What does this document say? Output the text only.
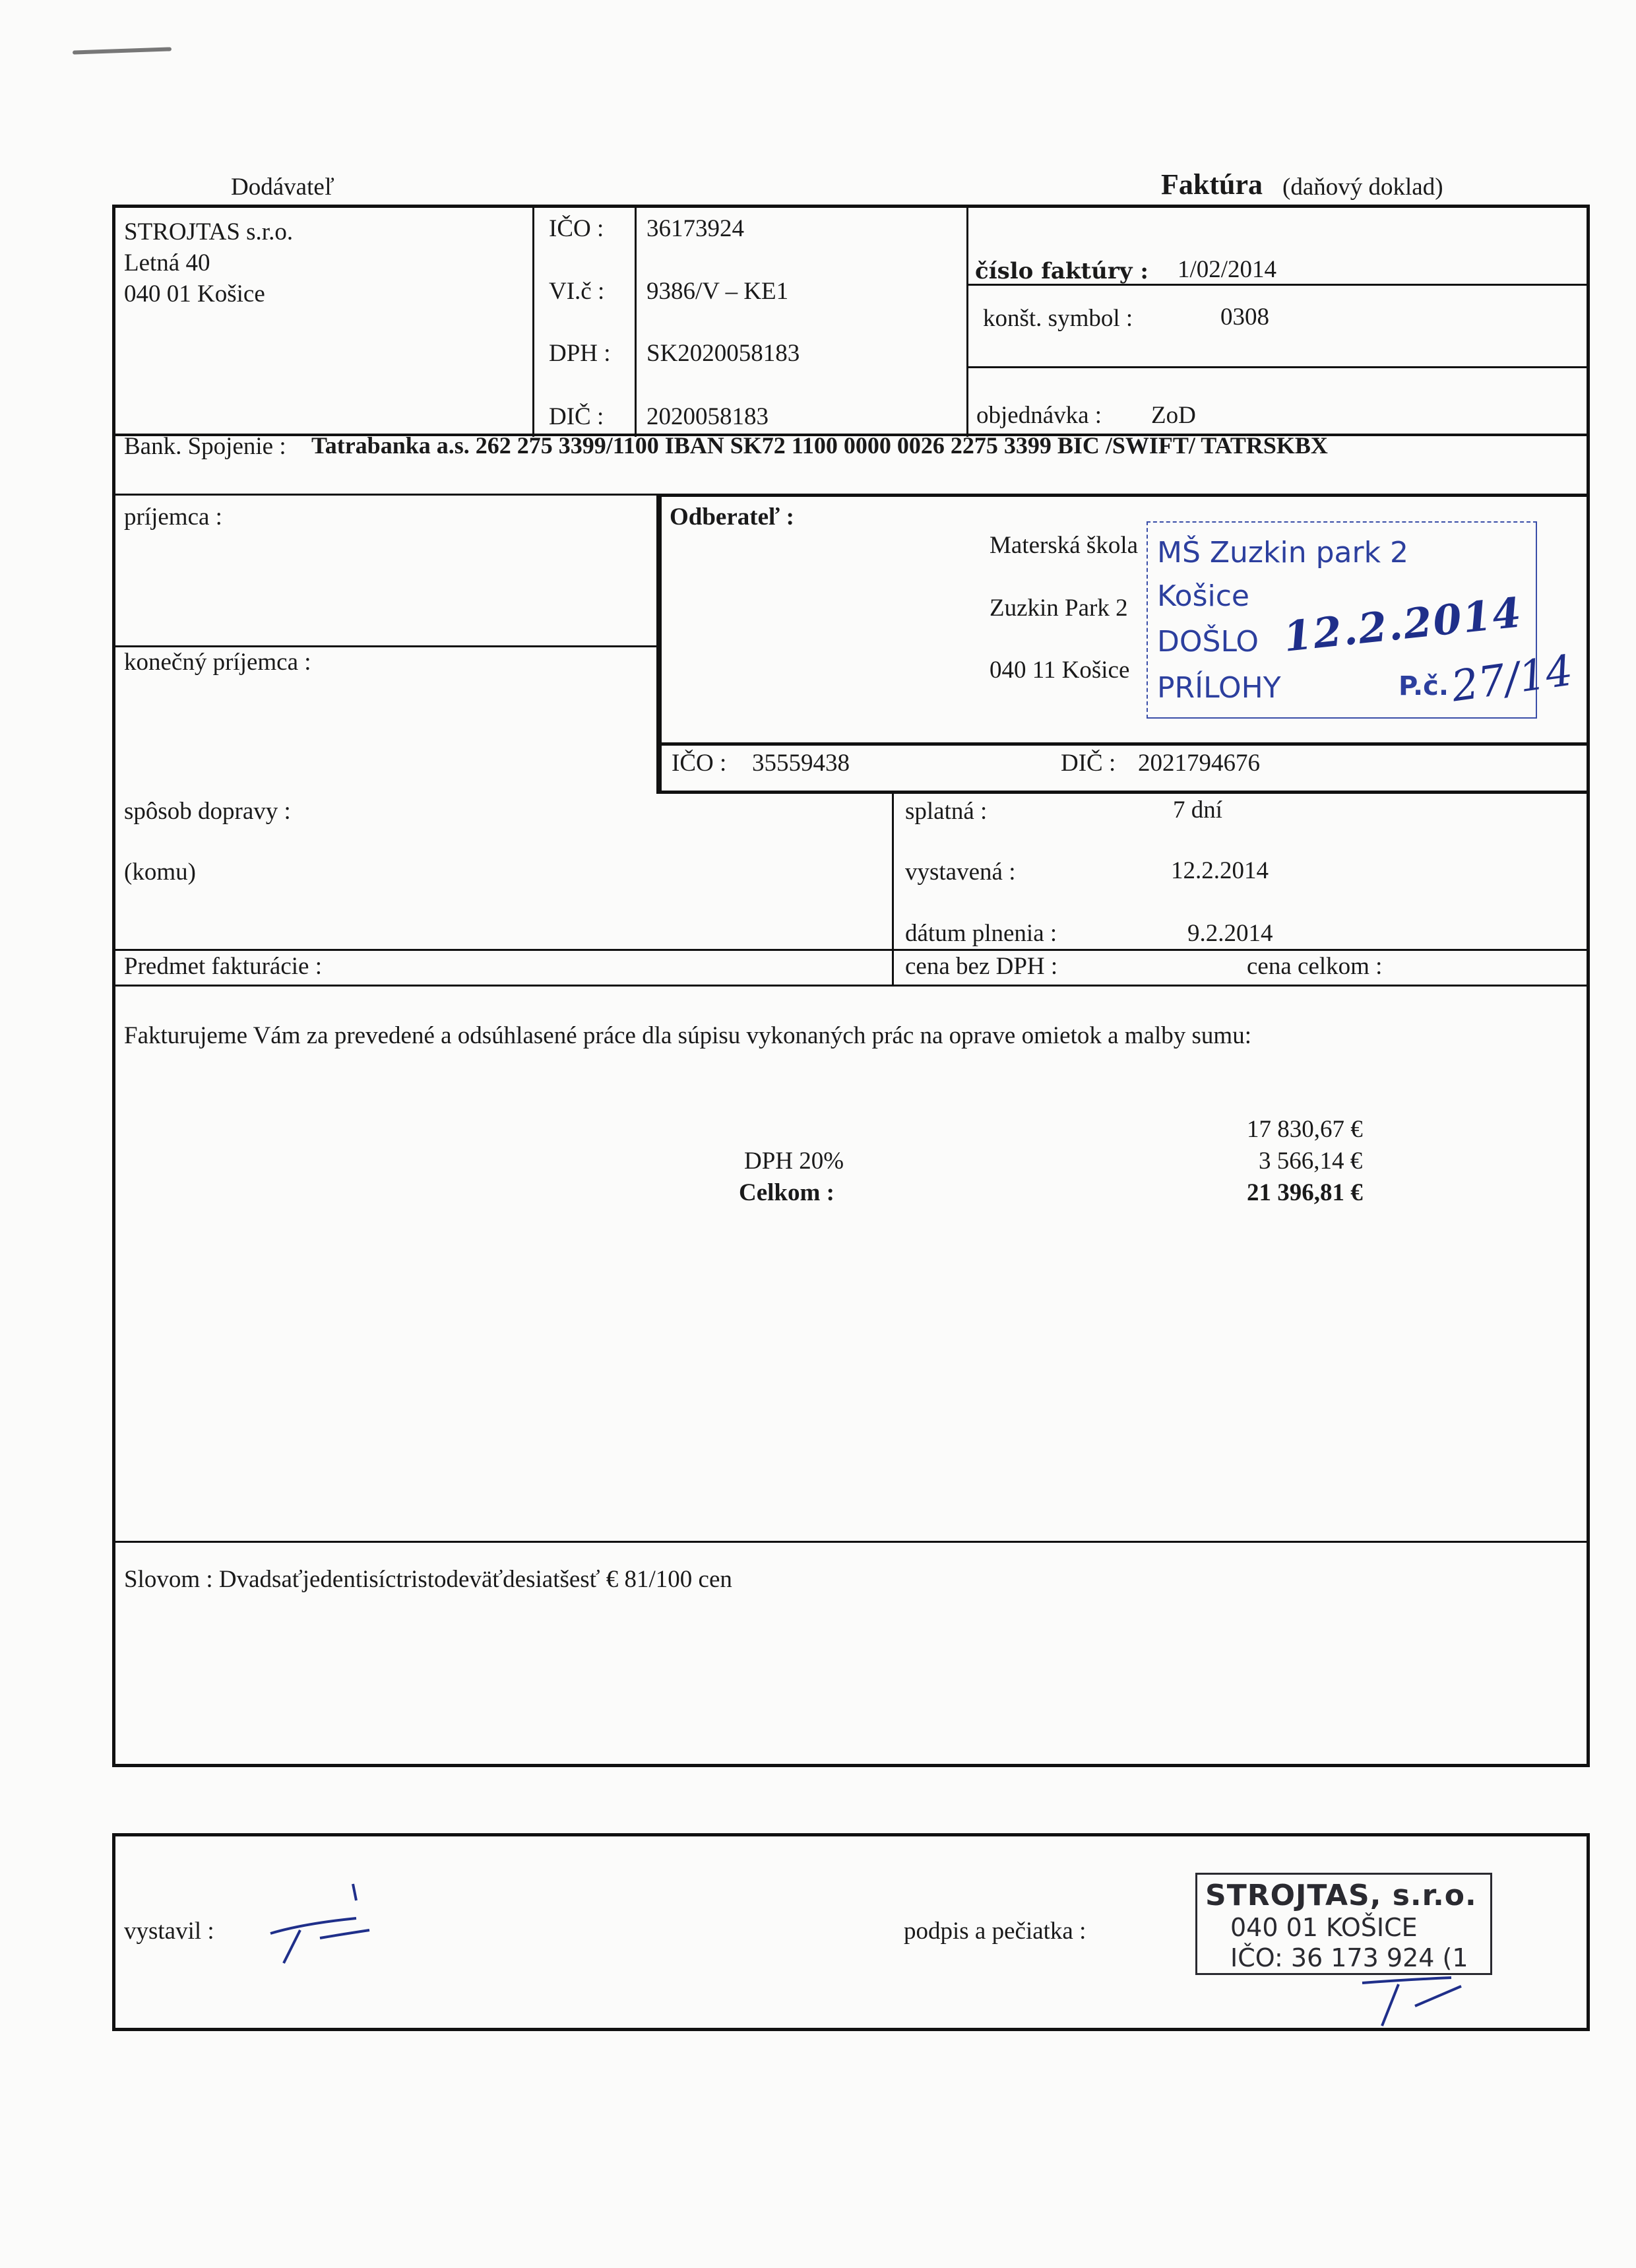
Dodávateľ	Faktúra (daňový doklad)
STROJTAS s.r.o.
Letná 40
040 01 Košice
IČO : 36173924
VI.č : 9386/V – KE1
DPH : SK2020058183
DIČ : 2020058183
číslo faktúry : 1/02/2014
konšt. symbol :	0308
objednávka : ZoD
Bank. Spojenie : Tatrabanka a.s. 262 275 3399/1100 IBAN SK72 1100 0000 0026 2275 3399 BIC /SWIFT/ TATRSKBX
príjemca :
konečný príjemca :
Odberateľ :
Materská škola
Zuzkin Park 2
040 11 Košice
IČO : 35559438	DIČ : 2021794676
MŠ Zuzkin park 2
Košice
DOŠLO 12.2.2014
PRÍLOHY	P.č. 27/14
spôsob dopravy :
(komu)
splatná :	7 dní
vystavená :	12.2.2014
dátum plnenia :	9.2.2014
Predmet fakturácie :	cena bez DPH :	cena celkom :
Fakturujeme Vám za prevedené a odsúhlasené práce dla súpisu vykonaných prác na oprave omietok a malby sumu:
17 830,67 €
DPH 20%	3 566,14 €
Celkom :	21 396,81 €
Slovom : Dvadsaťjedentisíctristodeväťdesiatšesť € 81/100 cen
vystavil :	podpis a pečiatka :
STROJTAS, s.r.o.
040 01 KOŠICE
IČO: 36 173 924 (1
